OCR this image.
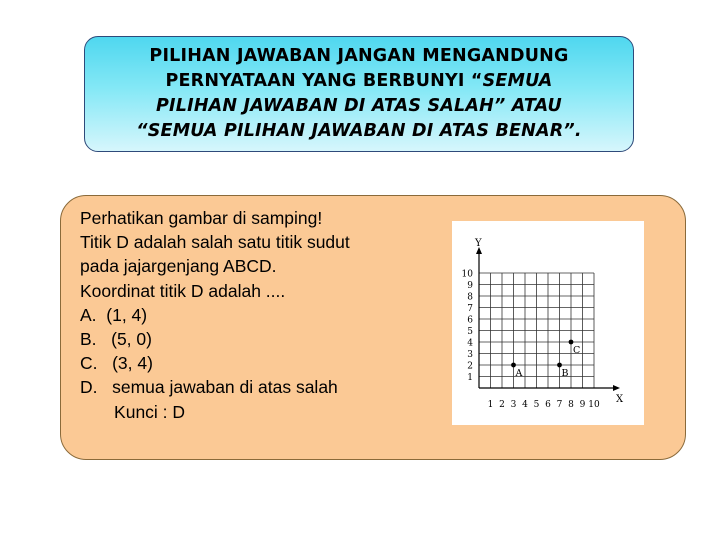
PILIHAN JAWABAN JANGAN MENGANDUNG
PERNYATAAN YANG BERBUNYI “SEMUA
PILIHAN JAWABAN DI ATAS SALAH” ATAU
“SEMUA PILIHAN JAWABAN DI ATAS BENAR”.
Perhatikan gambar di samping!
Titik D adalah salah satu titik sudut
pada jajargenjang ABCD.
Koordinat titik D adalah ....
A.  (1, 4)
B.   (5, 0)
C.   (3, 4)
D.   semua jawaban di atas salah
Kunci : D
X
Y
1 2 3 4 5 6 7 8 9 10
1
2
3
4
5
6
7
8
9
10
A	B
C
